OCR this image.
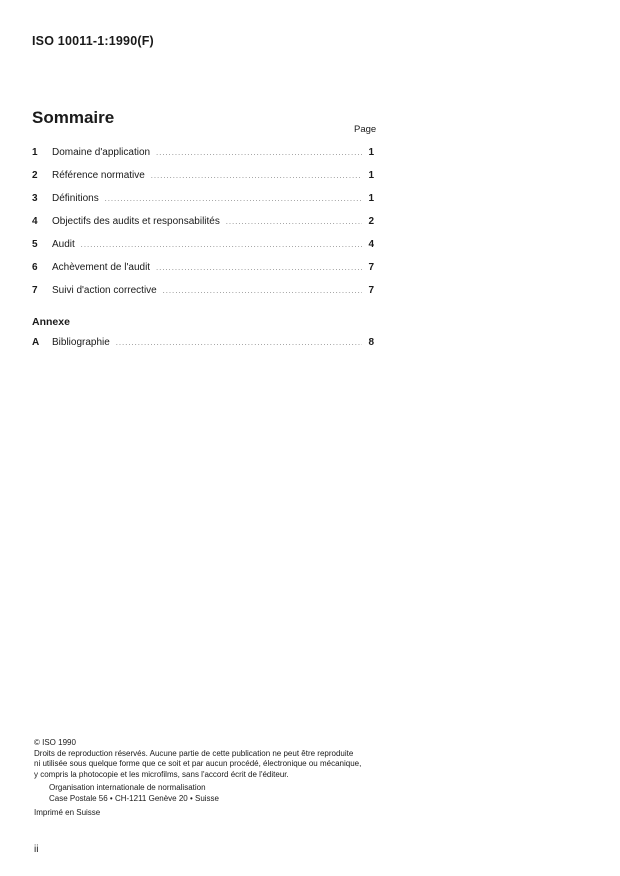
ISO 10011-1:1990(F)
Sommaire
Page
1	Domaine d'application .....	1
2	Référence normative .....	1
3	Définitions .....	1
4	Objectifs des audits et responsabilités .....	2
5	Audit .....	4
6	Achèvement de l'audit .....	7
7	Suivi d'action corrective .....	7
A	Bibliographie .....	8
Annexe
© ISO 1990
Droits de reproduction réservés. Aucune partie de cette publication ne peut être reproduite
ni utilisée sous quelque forme que ce soit et par aucun procédé, électronique ou mécanique,
y compris la photocopie et les microfilms, sans l'accord écrit de l'éditeur.
Organisation internationale de normalisation
Case Postale 56 • CH-1211 Genève 20 • Suisse
Imprimé en Suisse
ii
